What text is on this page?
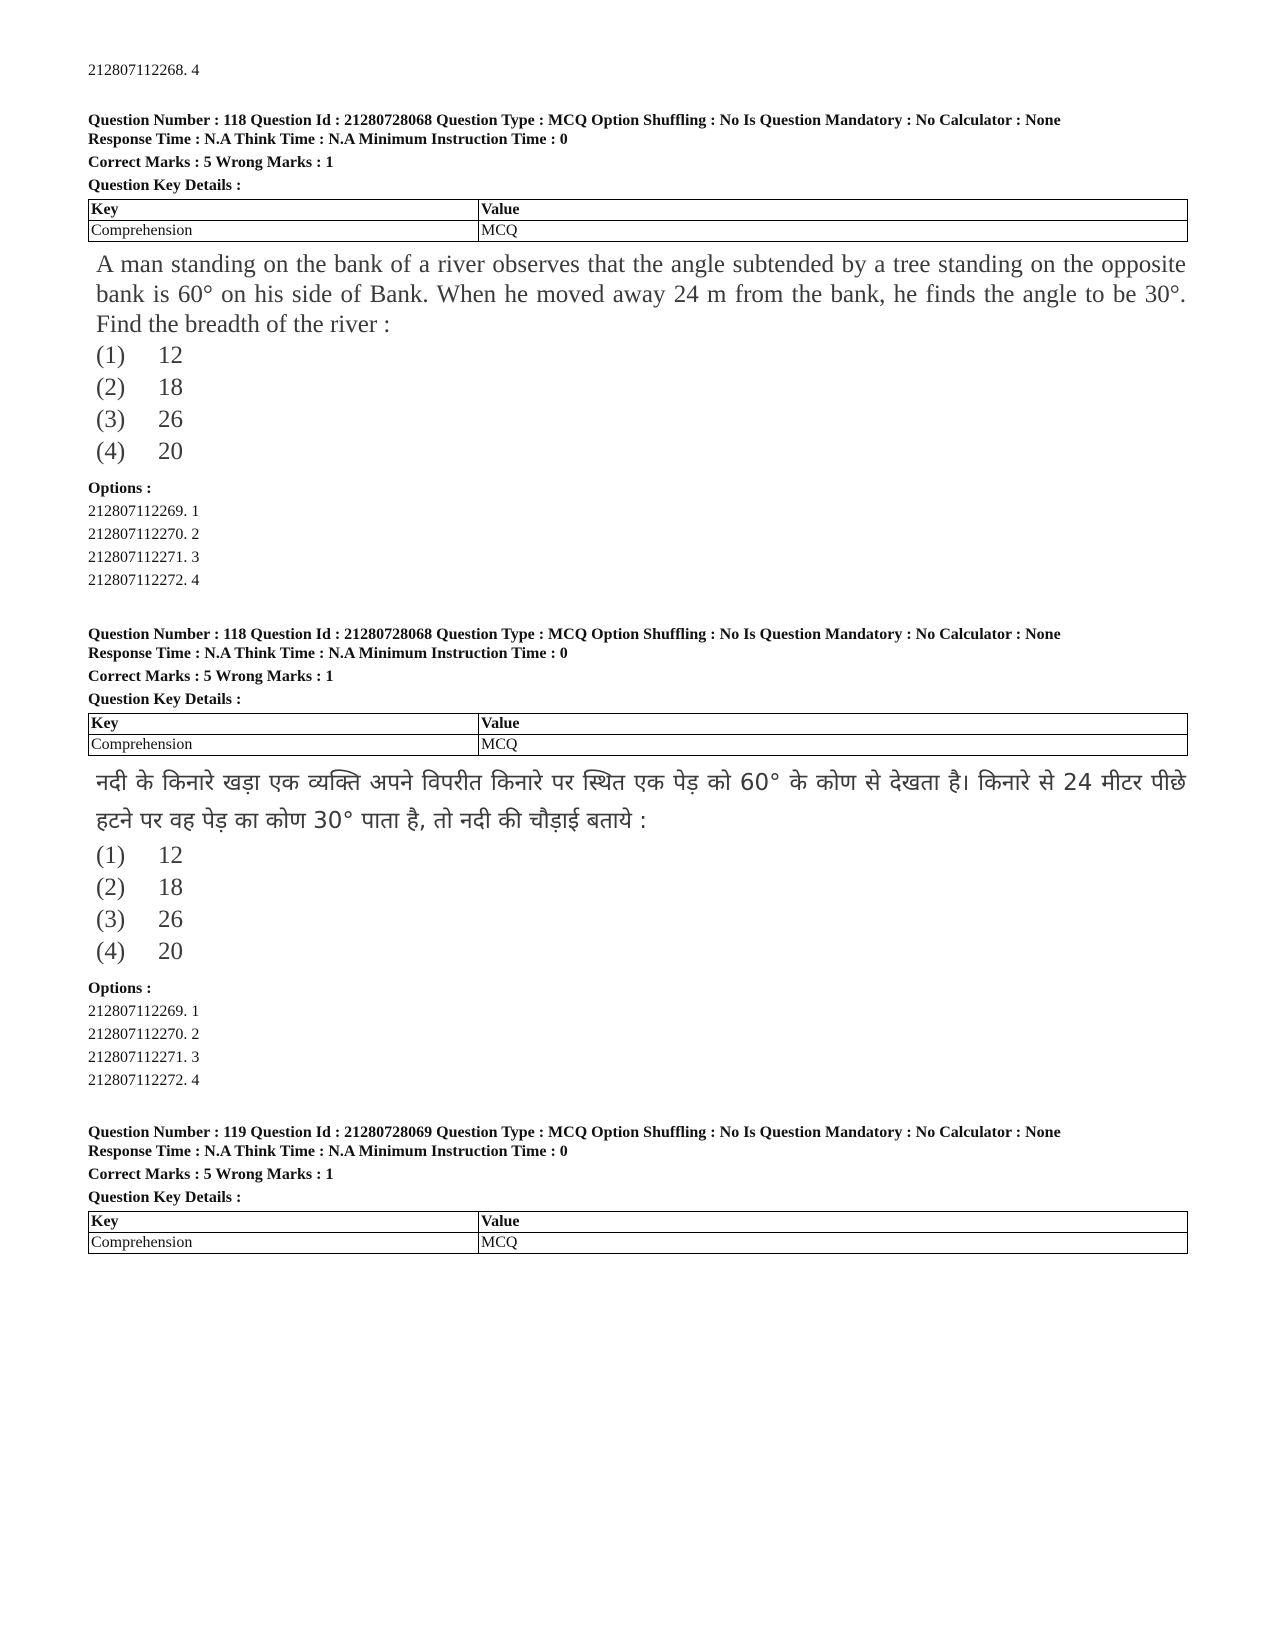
212807112268. 4
Question Number : 118 Question Id : 21280728068 Question Type : MCQ Option Shuffling : No Is Question Mandatory : No Calculator : None
Response Time : N.A Think Time : N.A Minimum Instruction Time : 0
Correct Marks : 5 Wrong Marks : 1
Question Key Details :
Key	Value
Comprehension	MCQ
A man standing on the bank of a river observes that the angle subtended by a tree standing on the opposite bank is 60° on his side of Bank. When he moved away 24 m from the bank, he finds the angle to be 30°. Find the breadth of the river :
(1)	12
(2)	18
(3)	26
(4)	20
Options :
212807112269. 1
212807112270. 2
212807112271. 3
212807112272. 4
Question Number : 118 Question Id : 21280728068 Question Type : MCQ Option Shuffling : No Is Question Mandatory : No Calculator : None
Response Time : N.A Think Time : N.A Minimum Instruction Time : 0
Correct Marks : 5 Wrong Marks : 1
Question Key Details :
Key	Value
Comprehension	MCQ
नदी के किनारे खड़ा एक व्यक्ति अपने विपरीत किनारे पर स्थित एक पेड़ को 60° के कोण से देखता है। किनारे से 24 मीटर पीछे हटने पर वह पेड़ का कोण 30° पाता है, तो नदी की चौड़ाई बताये :
(1)	12
(2)	18
(3)	26
(4)	20
Options :
212807112269. 1
212807112270. 2
212807112271. 3
212807112272. 4
Question Number : 119 Question Id : 21280728069 Question Type : MCQ Option Shuffling : No Is Question Mandatory : No Calculator : None
Response Time : N.A Think Time : N.A Minimum Instruction Time : 0
Correct Marks : 5 Wrong Marks : 1
Question Key Details :
Key	Value
Comprehension	MCQ
